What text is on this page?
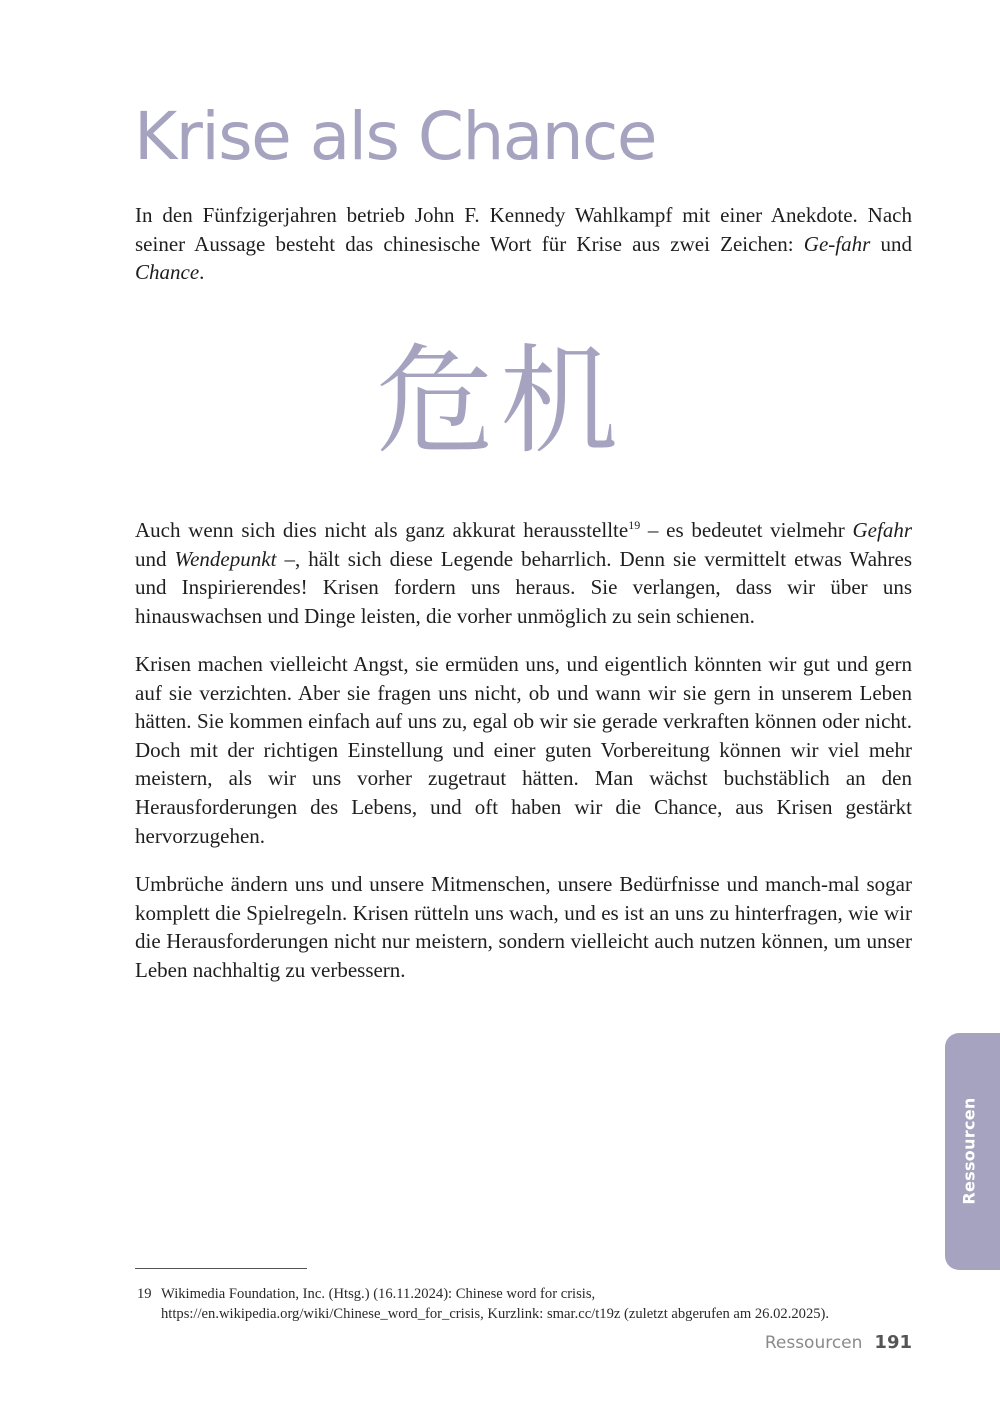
Krise als Chance

In den Fünfzigerjahren betrieb John F. Kennedy Wahlkampf mit einer Anekdote. Nach seiner Aussage besteht das chinesische Wort für Krise aus zwei Zeichen: Ge-fahr und Chance.

危机

Auch wenn sich dies nicht als ganz akkurat herausstellte$^{19}$ – es bedeutet vielmehr Gefahr und Wendepunkt –, hält sich diese Legende beharrlich. Denn sie vermittelt etwas Wahres und Inspirierendes! Krisen fordern uns heraus. Sie verlangen, dass wir über uns hinauswachsen und Dinge leisten, die vorher unmöglich zu sein schienen.

Krisen machen vielleicht Angst, sie ermüden uns, und eigentlich könnten wir gut und gern auf sie verzichten. Aber sie fragen uns nicht, ob und wann wir sie gern in unserem Leben hätten. Sie kommen einfach auf uns zu, egal ob wir sie gerade verkraften können oder nicht. Doch mit der richtigen Einstellung und einer guten Vorbereitung können wir viel mehr meistern, als wir uns vorher zugetraut hätten. Man wächst buchstäblich an den Herausforderungen des Lebens, und oft haben wir die Chance, aus Krisen gestärkt hervorzugehen.

Umbrüche ändern uns und unsere Mitmenschen, unsere Bedürfnisse und manch-mal sogar komplett die Spielregeln. Krisen rütteln uns wach, und es ist an uns zu hinterfragen, wie wir die Herausforderungen nicht nur meistern, sondern vielleicht auch nutzen können, um unser Leben nachhaltig zu verbessern.

19 Wikimedia Foundation, Inc. (Htsg.) (16.11.2024): Chinese word for crisis, https://en.wikipedia.org/wiki/Chinese_word_for_crisis, Kurzlink: smar.cc/t19z (zuletzt abgerufen am 26.02.2025).
Ressourcen
Ressourcen 191
